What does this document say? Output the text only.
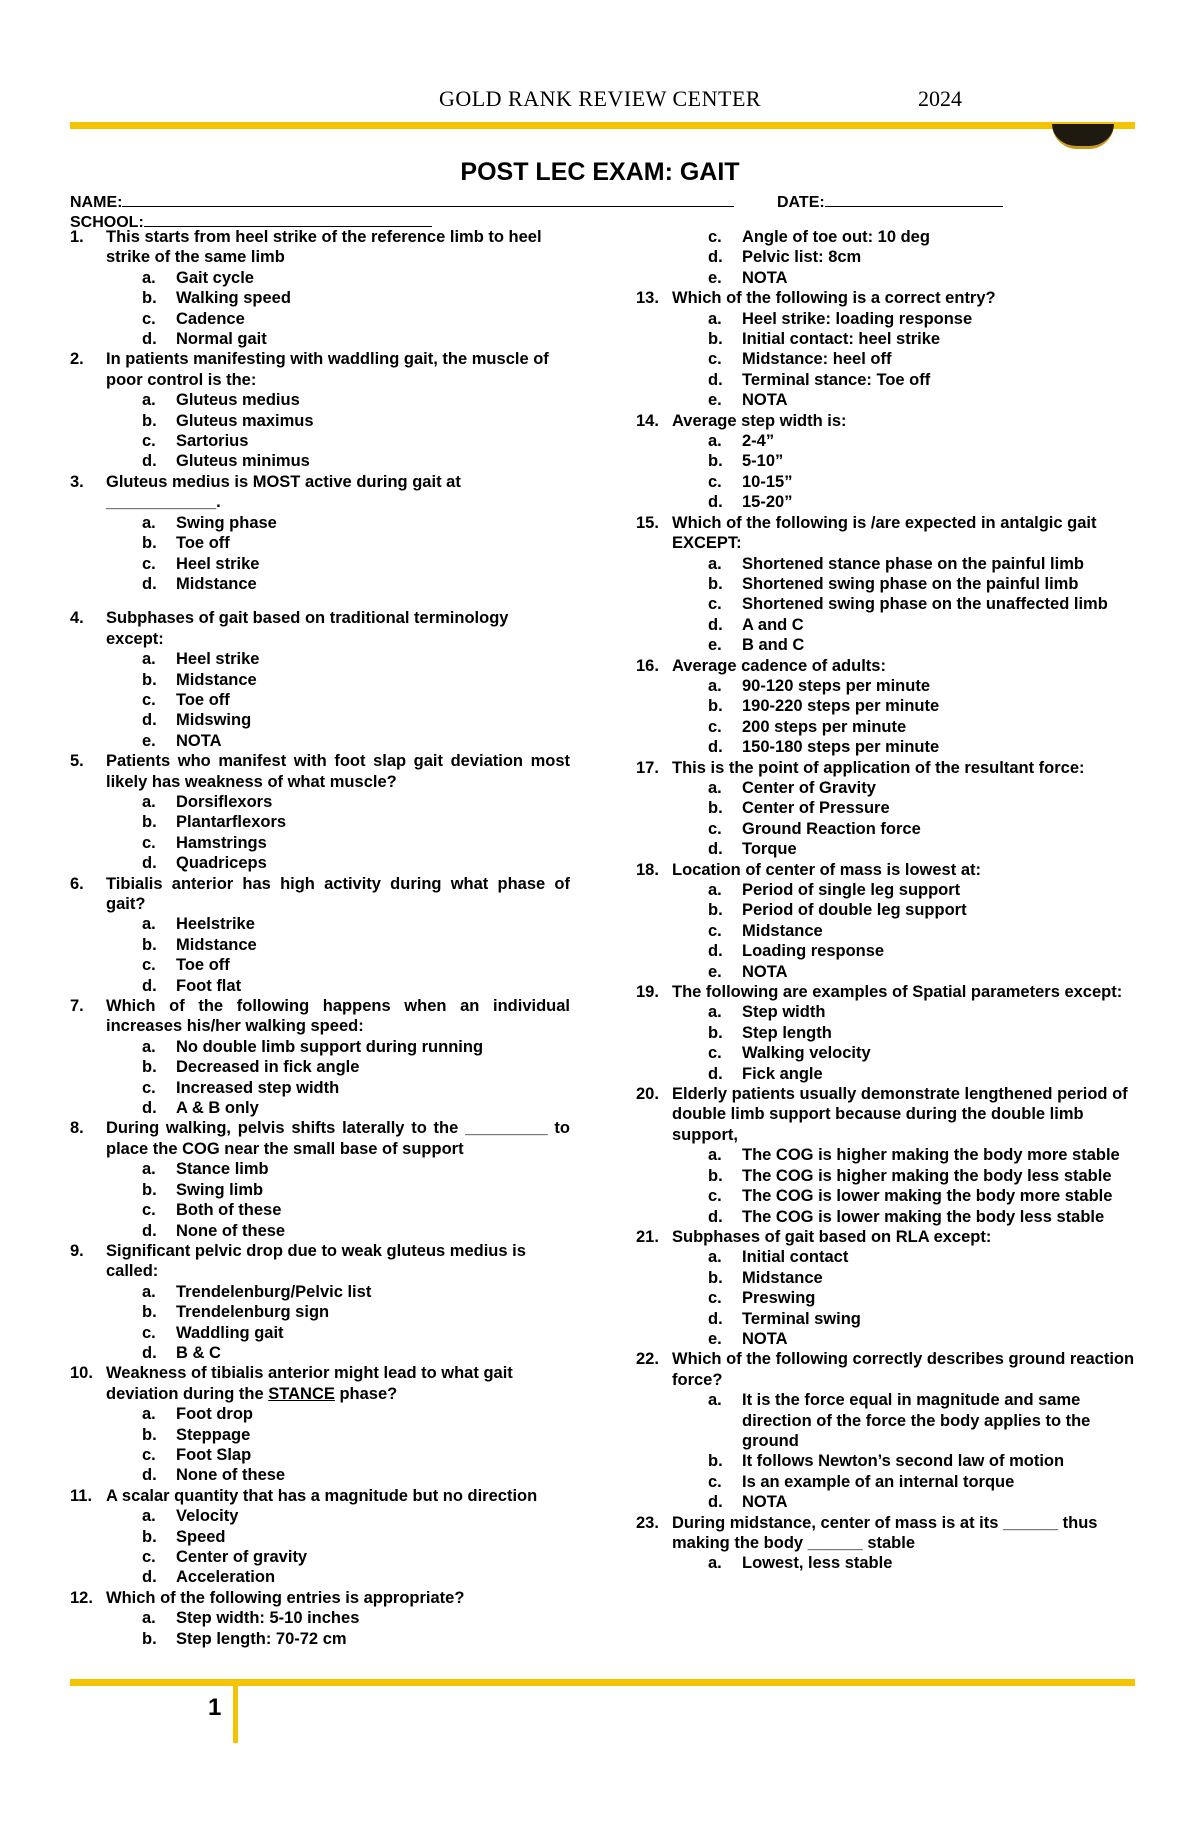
GOLD RANK REVIEW CENTER	2024
POST LEC EXAM: GAIT
NAME:	DATE:
SCHOOL:
1. This starts from heel strike of the reference limb to heel strike of the same limb
a. Gait cycle
b. Walking speed
c. Cadence
d. Normal gait
2. In patients manifesting with waddling gait, the muscle of poor control is the:
a. Gluteus medius
b. Gluteus maximus
c. Sartorius
d. Gluteus minimus
3. Gluteus medius is MOST active during gait at ____________.
a. Swing phase
b. Toe off
c. Heel strike
d. Midstance
4. Subphases of gait based on traditional terminology except:
a. Heel strike
b. Midstance
c. Toe off
d. Midswing
e. NOTA
5. Patients who manifest with foot slap gait deviation most likely has weakness of what muscle?
a. Dorsiflexors
b. Plantarflexors
c. Hamstrings
d. Quadriceps
6. Tibialis anterior has high activity during what phase of gait?
a. Heelstrike
b. Midstance
c. Toe off
d. Foot flat
7. Which of the following happens when an individual increases his/her walking speed:
a. No double limb support during running
b. Decreased in fick angle
c. Increased step width
d. A & B only
8. During walking, pelvis shifts laterally to the _________ to place the COG near the small base of support
a. Stance limb
b. Swing limb
c. Both of these
d. None of these
9. Significant pelvic drop due to weak gluteus medius is called:
a. Trendelenburg/Pelvic list
b. Trendelenburg sign
c. Waddling gait
d. B & C
10. Weakness of tibialis anterior might lead to what gait deviation during the STANCE phase?
a. Foot drop
b. Steppage
c. Foot Slap
d. None of these
11. A scalar quantity that has a magnitude but no direction
a. Velocity
b. Speed
c. Center of gravity
d. Acceleration
12. Which of the following entries is appropriate?
a. Step width: 5-10 inches
b. Step length: 70-72 cm
c. Angle of toe out: 10 deg
d. Pelvic list: 8cm
e. NOTA
13. Which of the following is a correct entry?
a. Heel strike: loading response
b. Initial contact: heel strike
c. Midstance: heel off
d. Terminal stance: Toe off
e. NOTA
14. Average step width is:
a. 2-4”
b. 5-10”
c. 10-15”
d. 15-20”
15. Which of the following is /are expected in antalgic gait EXCEPT:
a. Shortened stance phase on the painful limb
b. Shortened swing phase on the painful limb
c. Shortened swing phase on the unaffected limb
d. A and C
e. B and C
16. Average cadence of adults:
a. 90-120 steps per minute
b. 190-220 steps per minute
c. 200 steps per minute
d. 150-180 steps per minute
17. This is the point of application of the resultant force:
a. Center of Gravity
b. Center of Pressure
c. Ground Reaction force
d. Torque
18. Location of center of mass is lowest at:
a. Period of single leg support
b. Period of double leg support
c. Midstance
d. Loading response
e. NOTA
19. The following are examples of Spatial parameters except:
a. Step width
b. Step length
c. Walking velocity
d. Fick angle
20. Elderly patients usually demonstrate lengthened period of double limb support because during the double limb support,
a. The COG is higher making the body more stable
b. The COG is higher making the body less stable
c. The COG is lower making the body more stable
d. The COG is lower making the body less stable
21. Subphases of gait based on RLA except:
a. Initial contact
b. Midstance
c. Preswing
d. Terminal swing
e. NOTA
22. Which of the following correctly describes ground reaction force?
a. It is the force equal in magnitude and same direction of the force the body applies to the ground
b. It follows Newton’s second law of motion
c. Is an example of an internal torque
d. NOTA
23. During midstance, center of mass is at its ______ thus making the body ______ stable
a. Lowest, less stable
1
